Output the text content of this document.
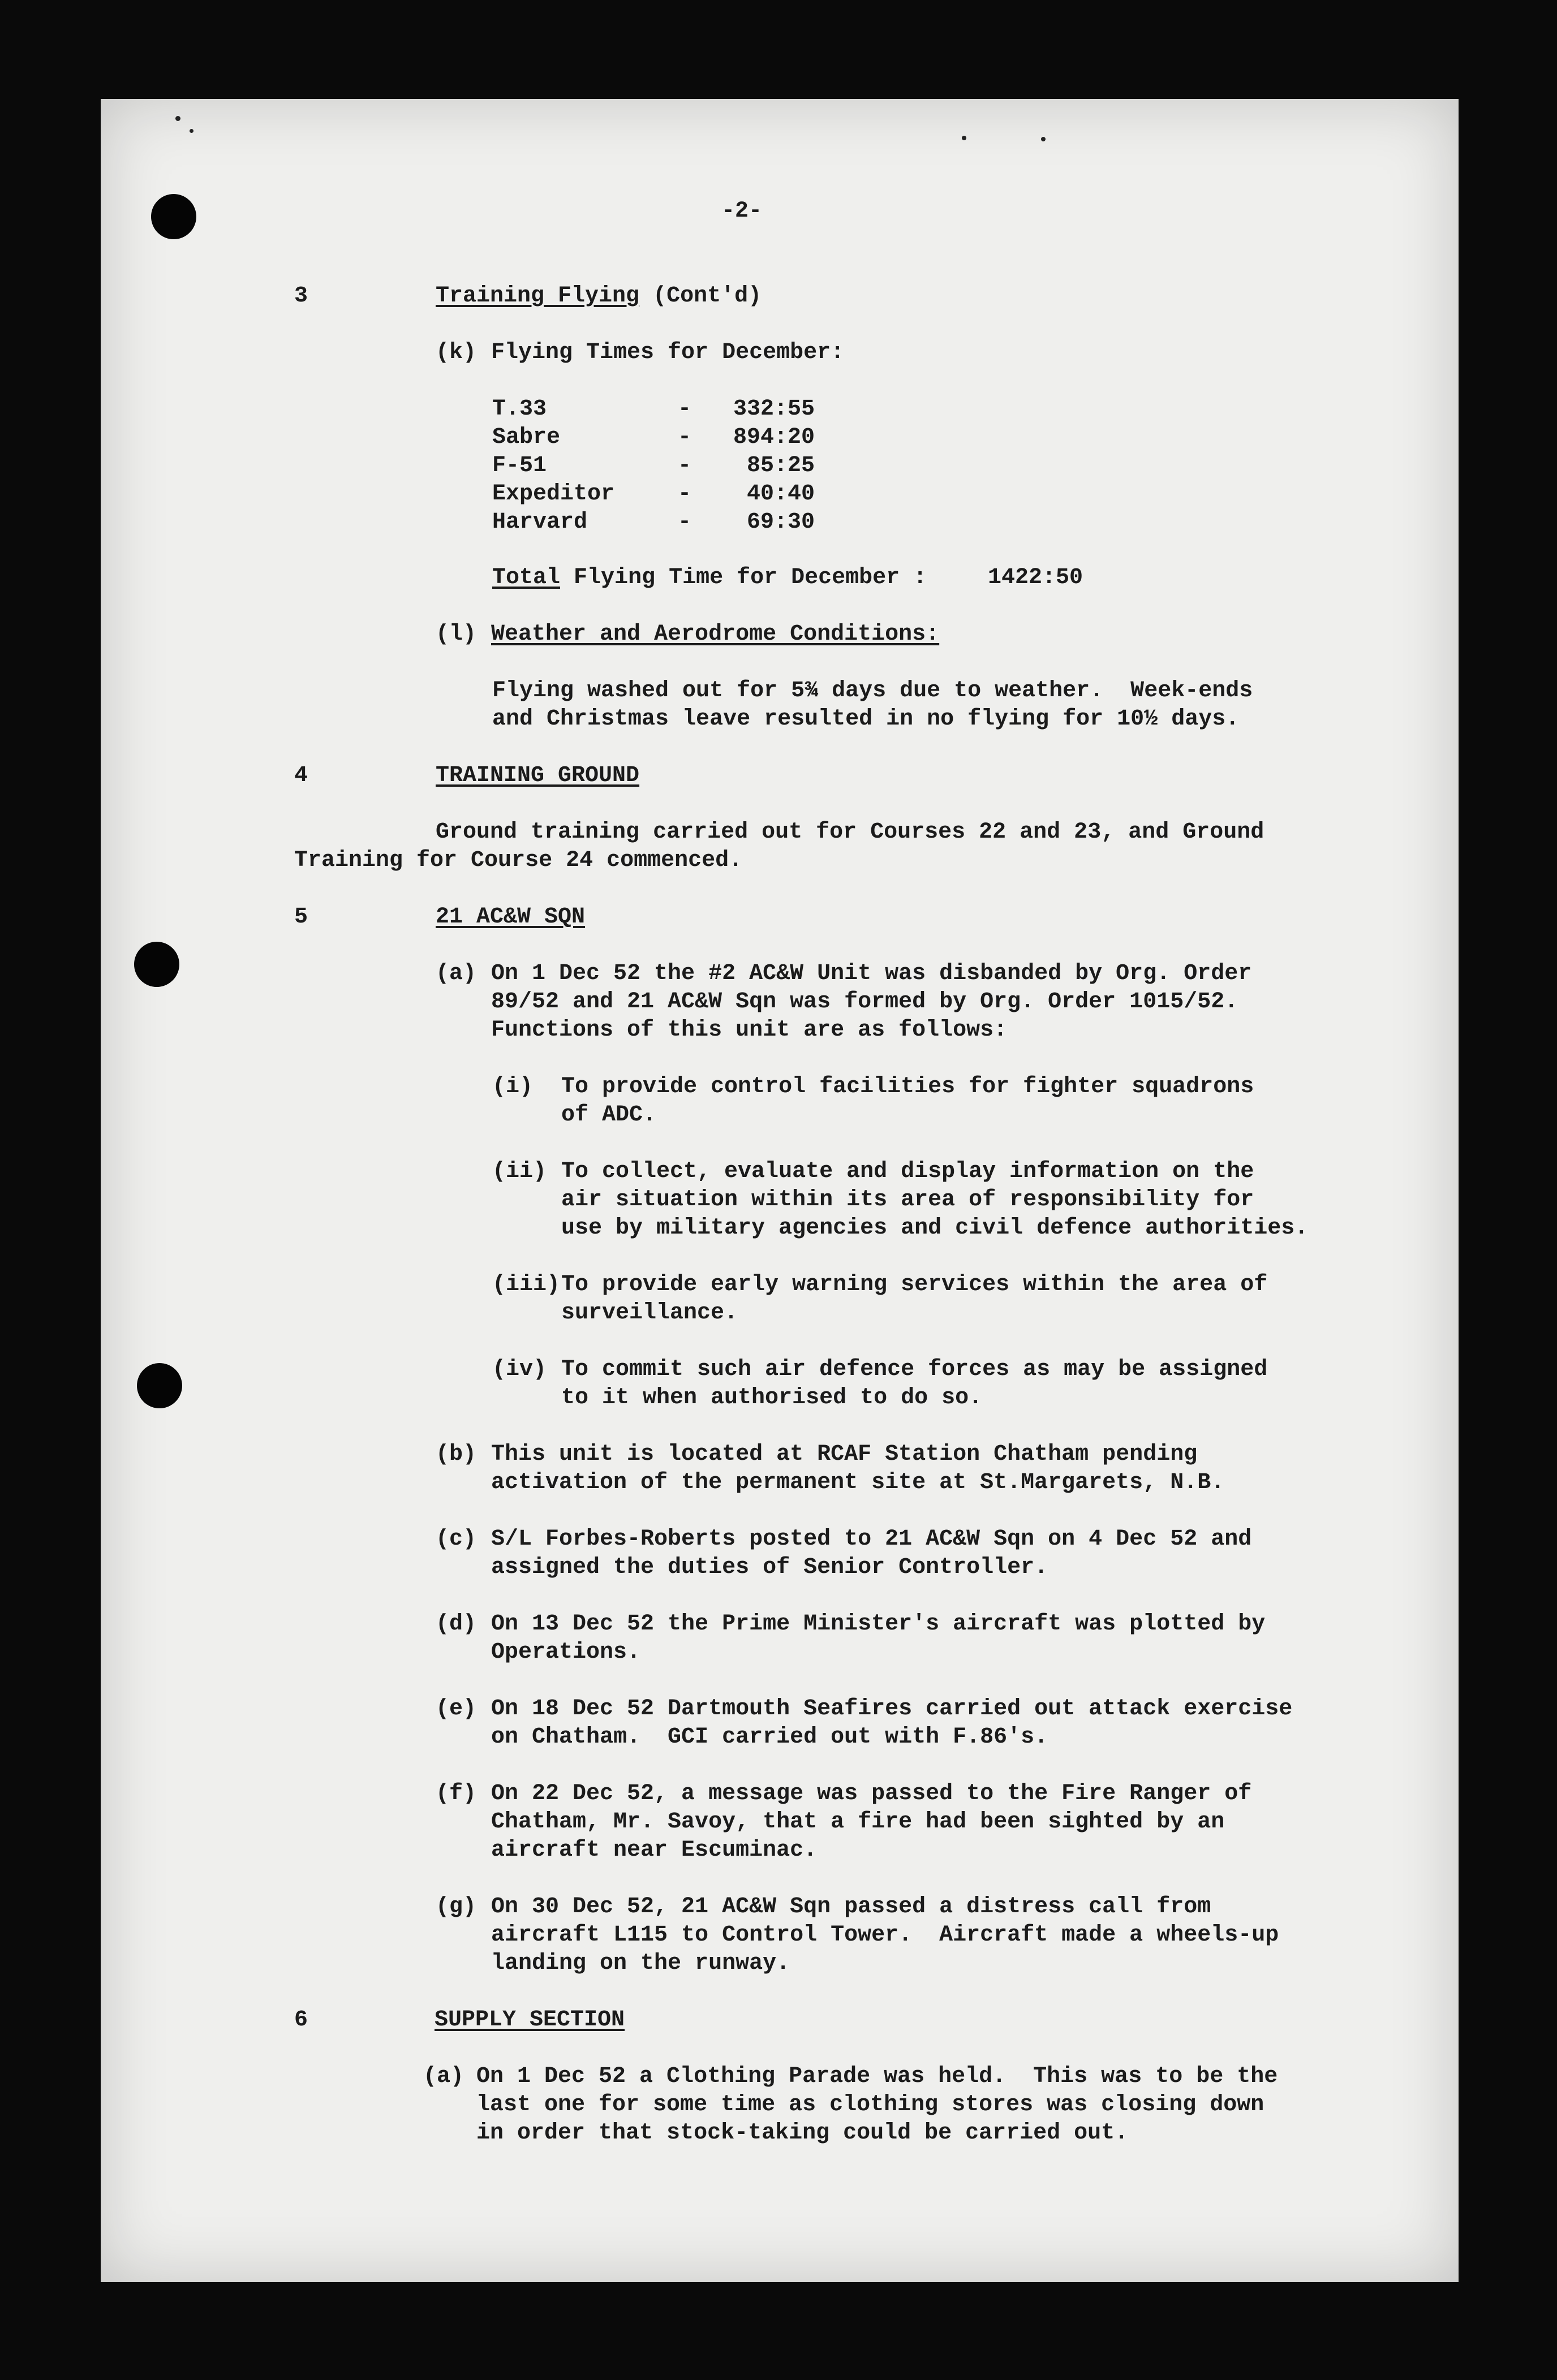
-2-
3	Training Flying (Cont'd)
(k) Flying Times for December:
T.33	- 332:55
Sabre	- 894:20
F-51	- 85:25
Expeditor	- 40:40
Harvard	- 69:30
Total Flying Time for December :	1422:50
(l) Weather and Aerodrome Conditions:
Flying washed out for 5¾ days due to weather.  Week-ends
and Christmas leave resulted in no flying for 10½ days.
4	TRAINING GROUND
Ground training carried out for Courses 22 and 23, and Ground
Training for Course 24 commenced.
5	21 AC&W SQN
(a) On 1 Dec 52 the #2 AC&W Unit was disbanded by Org. Order
89/52 and 21 AC&W Sqn was formed by Org. Order 1015/52.
Functions of this unit are as follows:
(i) To provide control facilities for fighter squadrons
of ADC.
(ii) To collect, evaluate and display information on the
air situation within its area of responsibility for
use by military agencies and civil defence authorities.
(iii) To provide early warning services within the area of
surveillance.
(iv) To commit such air defence forces as may be assigned
to it when authorised to do so.
(b) This unit is located at RCAF Station Chatham pending
activation of the permanent site at St.Margarets, N.B.
(c) S/L Forbes-Roberts posted to 21 AC&W Sqn on 4 Dec 52 and
assigned the duties of Senior Controller.
(d) On 13 Dec 52 the Prime Minister's aircraft was plotted by
Operations.
(e) On 18 Dec 52 Dartmouth Seafires carried out attack exercise
on Chatham.  GCI carried out with F.86's.
(f) On 22 Dec 52, a message was passed to the Fire Ranger of
Chatham, Mr. Savoy, that a fire had been sighted by an
aircraft near Escuminac.
(g) On 30 Dec 52, 21 AC&W Sqn passed a distress call from
aircraft L115 to Control Tower.  Aircraft made a wheels-up
landing on the runway.
6	SUPPLY SECTION
(a) On 1 Dec 52 a Clothing Parade was held.  This was to be the
last one for some time as clothing stores was closing down
in order that stock-taking could be carried out.
